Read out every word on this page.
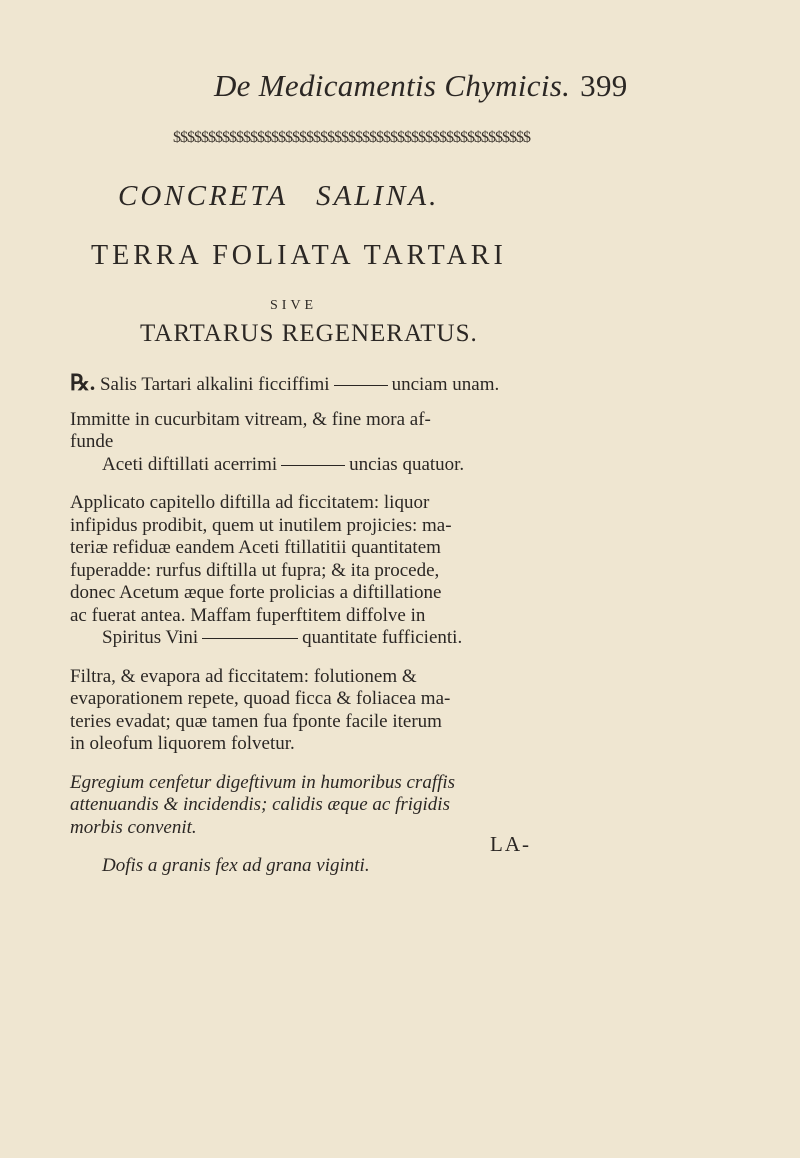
De Medicamentis Chymicis. 399
$$$$$$$$$$$$$$$$$$$$$$$$$$$$$$$$$$$$$$$$$$$$$$$$$$$
CONCRETA SALINA.
TERRA FOLIATA TARTARI
SIVE
TARTARUS REGENERATUS.

℞. Salis Tartari alkalini ficciffimi	unciam unam.

Immitte in cucurbitam vitream, & fine mora af-

funde

Aceti diftillati acerrimi	uncias quatuor.

Applicato capitello diftilla ad ficcitatem: liquor

infipidus prodibit, quem ut inutilem projicies: ma-

teriæ refiduæ eandem Aceti ftillatitii quantitatem

fuperadde: rurfus diftilla ut fupra; & ita procede,

donec Acetum æque forte prolicias a diftillatione

ac fuerat antea. Maffam fuperftitem diffolve in

Spiritus Vini	quantitate fufficienti.

Filtra, & evapora ad ficcitatem: folutionem &

evaporationem repete, quoad ficca & foliacea ma-

teries evadat; quæ tamen fua fponte facile iterum

in oleofum liquorem folvetur.

Egregium cenfetur digeftivum in humoribus craffis

attenuandis & incidendis; calidis æque ac frigidis

morbis convenit.

Dofis a granis fex ad grana viginti.

LA-
